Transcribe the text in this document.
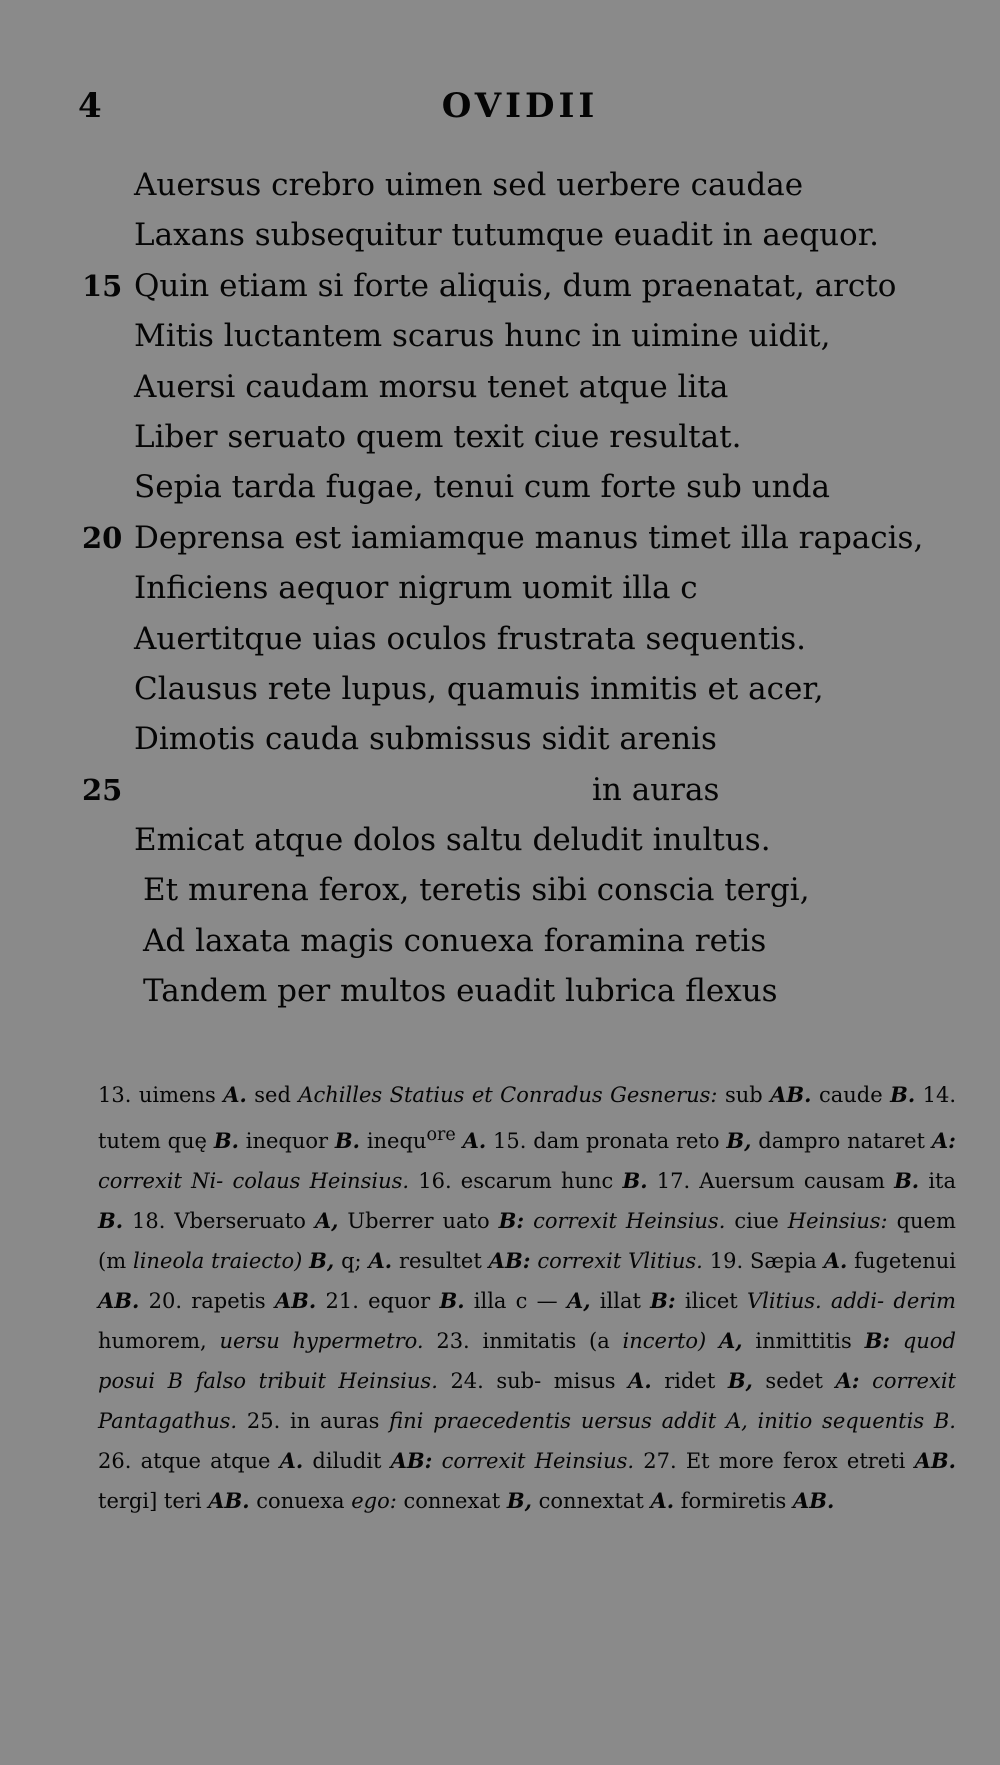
4	OVIDII
Auersus crebro uimen sed uerbere caudae
Laxans subsequitur tutumque euadit in aequor.
15 Quin etiam si forte aliquis, dum praenatat, arcto
Mitis luctantem scarus hunc in uimine uidit,
Auersi caudam morsu tenet atque lita
Liber seruato quem texit ciue resultat.
Sepia tarda fugae, tenui cum forte sub unda
20 Deprensa est iamiamque manus timet illa rapacis,
Inficiens aequor nigrum uomit illa c
Auertitque uias oculos frustrata sequentis.
Clausus rete lupus, quamuis inmitis et acer,
Dimotis cauda submissus sidit arenis
25	in auras
Emicat atque dolos saltu deludit inultus.
Et murena ferox, teretis sibi conscia tergi,
Ad laxata magis conuexa foramina retis
Tandem per multos euadit lubrica flexus

13. uimens A. sed Achilles Statius et Conradus Gesnerus: sub AB. caude B. 14. tutem quę B. inequor B. inequ$^{ore}$ A. 15. dam pronata reto B, dampro nataret A: correxit Ni- colaus Heinsius. 16. escarum hunc B. 17. Auersum causam B. ita B. 18. Vberseruato A, Uberrer uato B: correxit Heinsius. ciue Heinsius: quem (m lineola traiecto) B, q; A. resultet AB: correxit Vlitius. 19. Sæpia A. fugetenui AB. 20. rapetis AB. 21. equor B. illa c — A, illat B: ilicet Vlitius. addi- derim humorem, uersu hypermetro. 23. inmitatis (a incerto) A, inmittitis B: quod posui B falso tribuit Heinsius. 24. sub- misus A. ridet B, sedet A: correxit Pantagathus. 25. in auras fini praecedentis uersus addit A, initio sequentis B. 26. atque atque A. diludit AB: correxit Heinsius. 27. Et more ferox etreti AB. tergi] teri AB. conuexa ego: connexat B, connextat A. formiretis AB.
